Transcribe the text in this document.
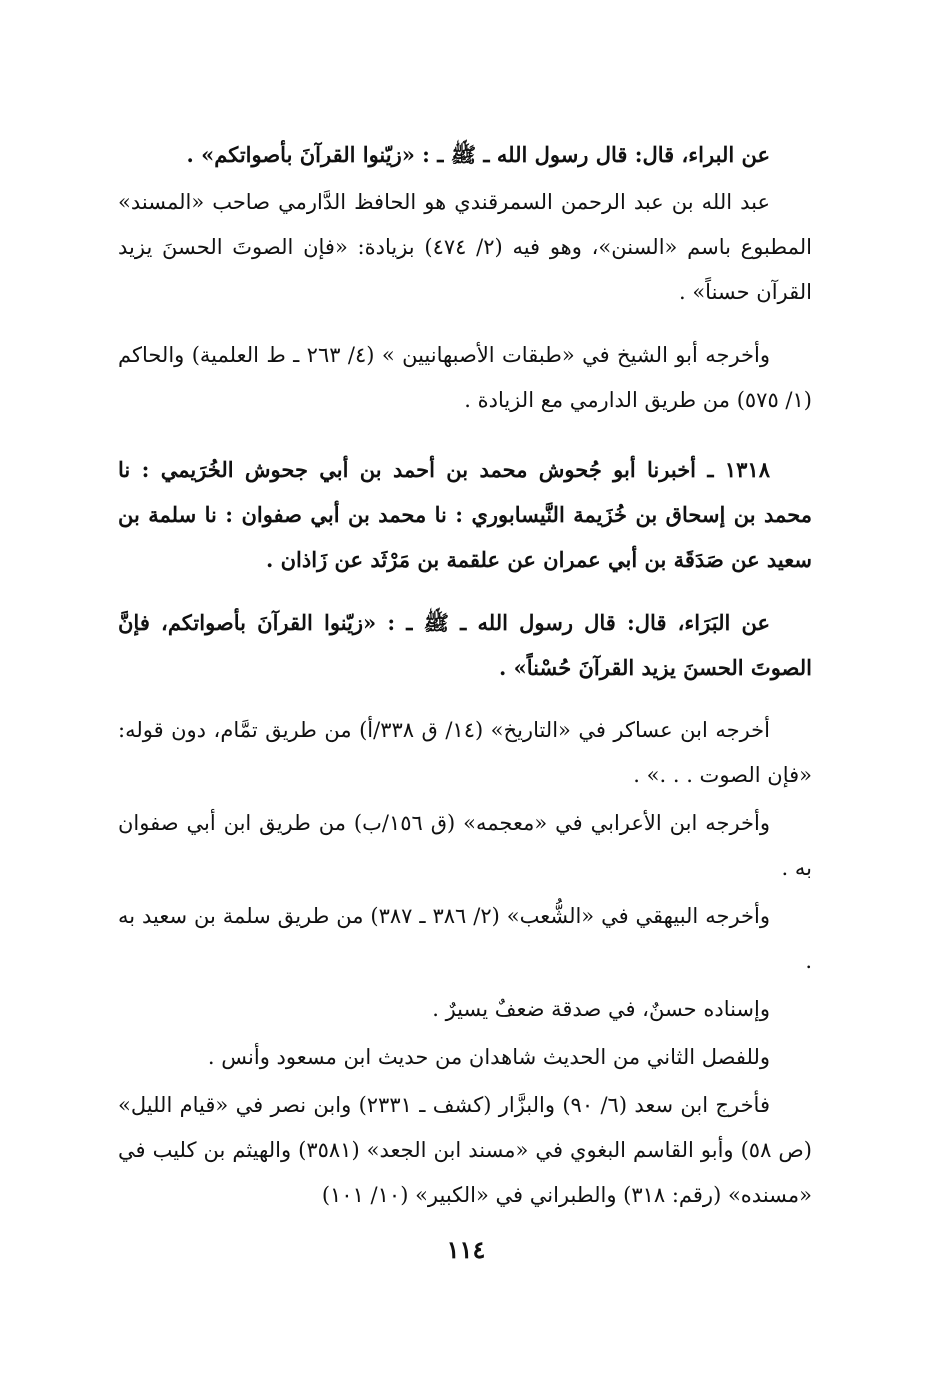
عن البراء، قال: قال رسول الله ـ ﷺ ـ : «زيّنوا القرآنَ بأصواتكم» .

عبد الله بن عبد الرحمن السمرقندي هو الحافظ الدَّارمي صاحب «المسند» المطبوع باسم «السنن»، وهو فيه (٢/ ٤٧٤) بزيادة: «فإن الصوتَ الحسنَ يزيد القرآن حسناً» .

وأخرجه أبو الشيخ في «طبقات الأصبهانيين » (٤/ ٢٦٣ ـ ط العلمية) والحاكم (١/ ٥٧٥) من طريق الدارمي مع الزيادة .

١٣١٨ ـ أخبرنا أبو جُحوش محمد بن أحمد بن أبي جحوش الخُرَيمي : نا محمد بن إسحاق بن خُزَيمة النَّيسابوري : نا محمد بن أبي صفوان : نا سلمة بن سعيد عن صَدَقَة بن أبي عمران عن علقمة بن مَرْثَد عن زَاذان .

عن البَرَاء، قال: قال رسول الله ـ ﷺ ـ : «زيّنوا القرآنَ بأصواتكم، فإنَّ الصوتَ الحسنَ يزيد القرآنَ حُسْناً» .

أخرجه ابن عساكر في «التاريخ» (١٤/ ق ٣٣٨/أ) من طريق تمَّام، دون قوله: «فإن الصوت . . .» .

وأخرجه ابن الأعرابي في «معجمه» (ق ١٥٦/ب) من طريق ابن أبي صفوان به .

وأخرجه البيهقي في «الشُّعب» (٢/ ٣٨٦ ـ ٣٨٧) من طريق سلمة بن سعيد به .

وإسناده حسنٌ، في صدقة ضعفٌ يسيرٌ .

وللفصل الثاني من الحديث شاهدان من حديث ابن مسعود وأنس .

فأخرج ابن سعد (٦/ ٩٠) والبزَّار (كشف ـ ٢٣٣١) وابن نصر في «قيام الليل» (ص ٥٨) وأبو القاسم البغوي في «مسند ابن الجعد» (٣٥٨١) والهيثم بن كليب في «مسنده» (رقم: ٣١٨) والطبراني في «الكبير» (١٠/ ١٠١)

١١٤
